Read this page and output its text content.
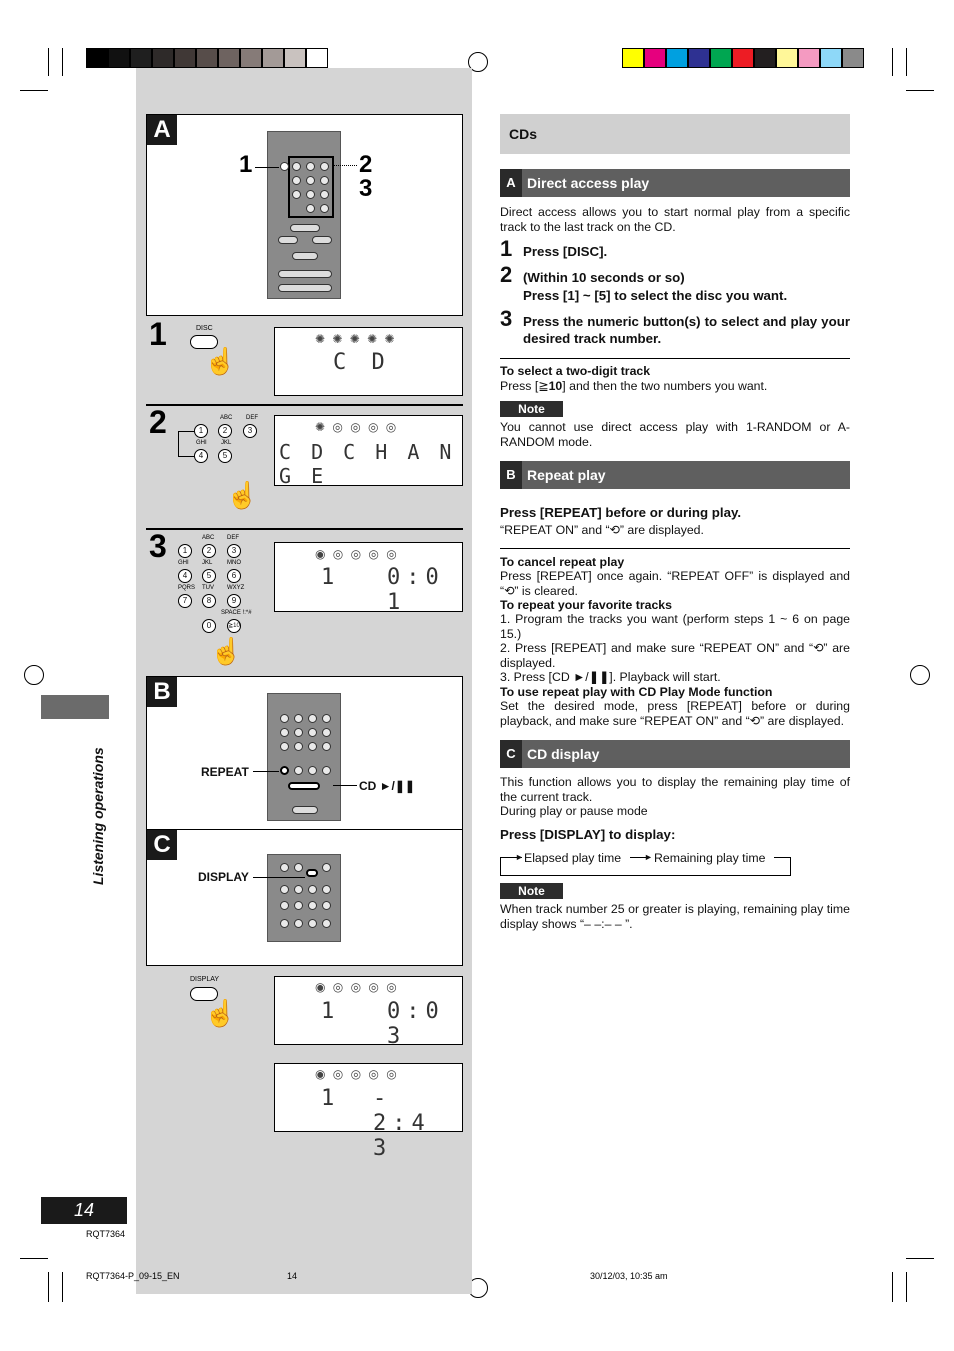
A
1	2
3
1	DISC
☝
✺ ✺ ✺ ✺ ✺
C D
2	ABC DEF
1	2	3
GHI JKL
4	5
☝
✺ ◎ ◎ ◎ ◎
C D C H A N G E
3
☝
◉ ◎ ◎ ◎ ◎
1 0:0 1
B
REPEAT
CD ►/❚❚
C
DISPLAY
DISPLAY
☝
◉ ◎ ◎ ◎ ◎
1 0:0 3
◉ ◎ ◎ ◎ ◎
1 - 2:4 3
Listening operations
14
RQT7364
CDs
A Direct access play
Direct access allows you to start normal play from a specific track to the last track on the CD.
1 Press [DISC].
2 (Within 10 seconds or so)
Press [1] ~ [5] to select the disc you want.
3 Press the numeric button(s) to select and play your desired track number.
To select a two-digit track
Press [≧10] and then the two numbers you want.
Note
You cannot use direct access play with 1-RANDOM or A-RANDOM mode.
B Repeat play
Press [REPEAT] before or during play.
“REPEAT ON” and “⟲” are displayed.
To cancel repeat play
Press [REPEAT] once again. “REPEAT OFF” is displayed and “⟲” is cleared.
To repeat your favorite tracks
1. Program the tracks you want (perform steps 1 ~ 6 on page 15.)
2. Press [REPEAT] and make sure “REPEAT ON” and “⟲” are displayed.
3. Press [CD ►/❚❚]. Playback will start.
To use repeat play with CD Play Mode function
Set the desired mode, press [REPEAT] before or during playback, and make sure “REPEAT ON” and “⟲” are displayed.
C CD display
This function allows you to display the remaining play time of the current track.
During play or pause mode
Press [DISPLAY] to display:
► Elapsed play time	► Remaining play time
Note
When track number 25 or greater is playing, remaining play time display shows “– –:– – ”.
RQT7364-P_09-15_EN	14	30/12/03, 10:35 am
1
ABC
2
DEF
3
GHI
4
JKL
5
MNO
6
PQRS
7
TUV
8
WXYZ
9
0
SPACE !:*#
≧10
